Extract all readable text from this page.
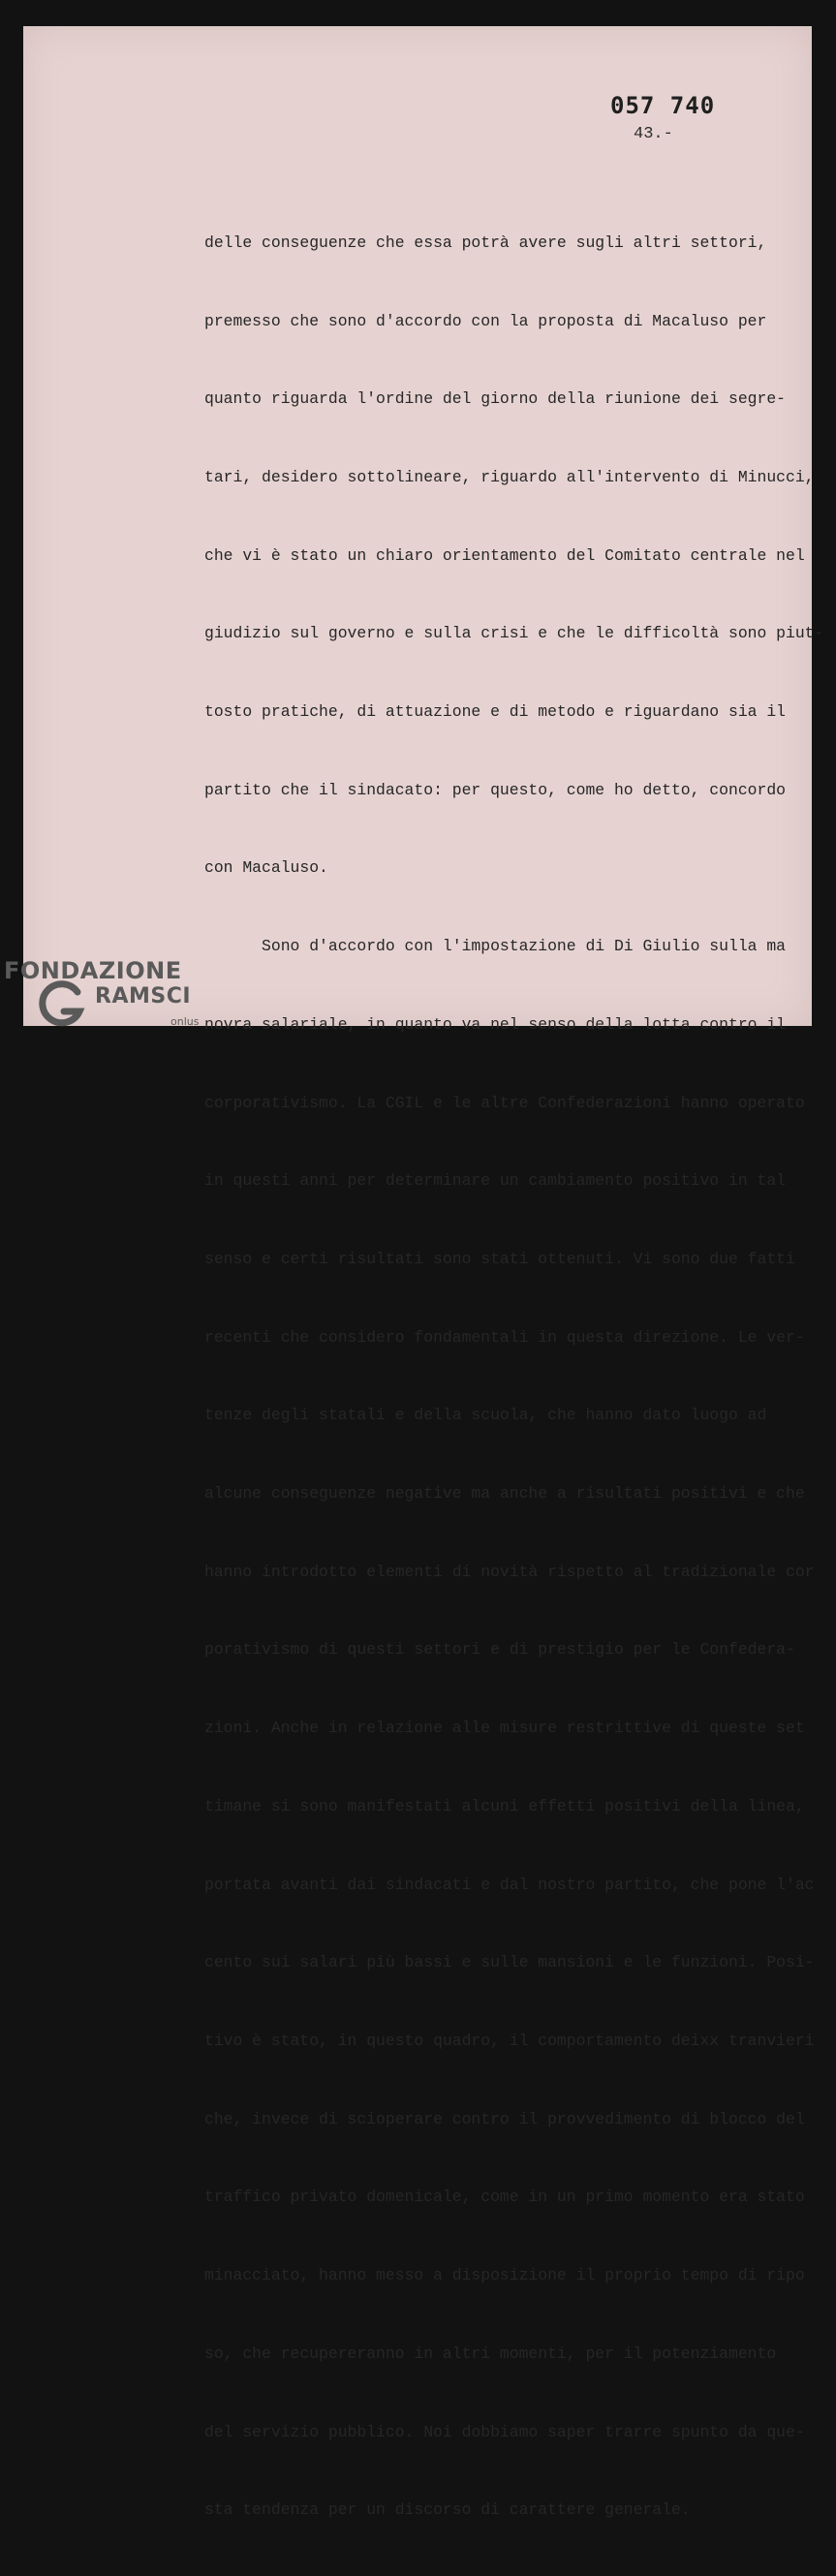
057 740
43.-

delle conseguenze che essa potrà avere sugli altri settori,

premesso che sono d'accordo con la proposta di Macaluso per

quanto riguarda l'ordine del giorno della riunione dei segre-

tari, desidero sottolineare, riguardo all'intervento di Minucci,

che vi è stato un chiaro orientamento del Comitato centrale nel

giudizio sul governo e sulla crisi e che le difficoltà sono piut-

tosto pratiche, di attuazione e di metodo e riguardano sia il

partito che il sindacato: per questo, come ho detto, concordo

con Macaluso.

Sono d'accordo con l'impostazione di Di Giulio sulla ma

novra salariale, in quanto va nel senso della lotta contro il

corporativismo. La CGIL e le altre Confederazioni hanno operato

in questi anni per determinare un cambiamento positivo in tal

senso e certi risultati sono stati ottenuti. Vi sono due fatti

recenti che considero fondamentali in questa direzione. Le ver-

tenze degli statali e della scuola, che hanno dato luogo ad

alcune conseguenze negative ma anche a risultati positivi e che

hanno introdotto elementi di novità rispetto al tradizionale cor

porativismo di questi settori e di prestigio per le Confedera-

zioni. Anche in relazione alle misure restrittive di queste set

timane si sono manifestati alcuni effetti positivi della linea,

portata avanti dai sindacati e dal nostro partito, che pone l'ac

cento sui salari più bassi e sulle mansioni e le funzioni. Posi-

tivo è stato, in questo quadro, il comportamento deixx tranvieri

che, invece di scioperare contro il provvedimento di blocco del

traffico privato domenicale, come in un primo momento era stato

minacciato, hanno messo a disposizione il proprio tempo di ripo

so, che recupereranno in altri momenti, per il potenziamento

del servizio pubblico. Noi dobbiamo saper trarre spunto da que-

sta tendenza per un discorso di carattere generale.

FONDAZIONE
RAMSCI
onlus
